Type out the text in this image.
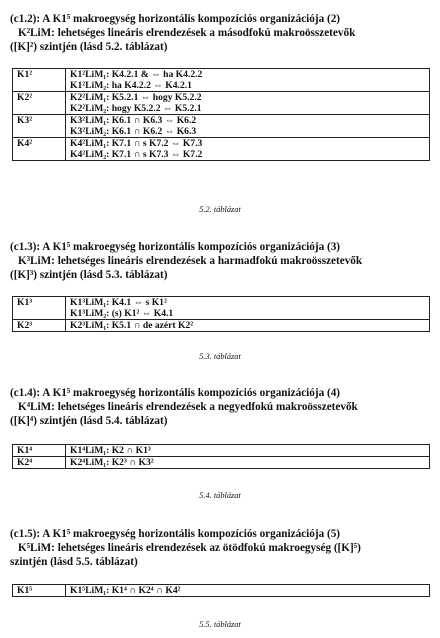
(c1.2): A K1⁵ makroegység horizontális kompozíciós organizációja (2)
K²LiM: lehetséges lineáris elrendezések a másodfokú makroösszetevők
([K]²) szintjén (lásd 5.2. táblázat)
K1²	K1²LiM₁: K4.2.1 & ⇔ ha K4.2.2
K1²LiM₂: ha K4.2.2 ⇔ K4.2.1

K2²	K2²LiM₁: K5.2.1 ⇔ hogy K5.2.2
K2²LiM₂: hogy K5.2.2 ⇔ K5.2.1

K3²	K3²LiM₁: K6.1 ∩ K6.3 ⇔ K6.2
K3²LiM₂: K6.1 ∩ K6.2 ⇔ K6.3

K4²	K4²LiM₁: K7.1 ∩ s K7.2 ⇔ K7.3
K4²LiM₂: K7.1 ∩ s K7.3 ⇔ K7.2
5.2. táblázat
(c1.3): A K1⁵ makroegység horizontális kompozíciós organizációja (3)
K³LiM: lehetséges lineáris elrendezések a harmadfokú makroösszetevők
([K]³) szintjén (lásd 5.3. táblázat)
K1³	K1³LiM₁: K4.1 ⇔ s K1²
K1³LiM₂: (s) K1² ⇔ K4.1

K2³	K2³LiM₁: K5.1 ∩ de azért K2²
5.3. táblázat
(c1.4): A K1⁵ makroegység horizontális kompozíciós organizációja (4)
K⁴LiM: lehetséges lineáris elrendezések a negyedfokú makroösszetevők
([K]⁴) szintjén (lásd 5.4. táblázat)
K1⁴	K1⁴LiM₁: K2 ∩ K1³

K2⁴	K2⁴LiM₁: K2³ ∩ K3²
5.4. táblázat
(c1.5): A K1⁵ makroegység horizontális kompozíciós organizációja (5)
K⁵LiM: lehetséges lineáris elrendezések az ötödfokú makroegység ([K]⁵)
szintjén (lásd 5.5. táblázat)
K1⁵	K1⁵LiM₁: K1⁴ ∩ K2⁴ ∩ K4²
5.5. táblázat
